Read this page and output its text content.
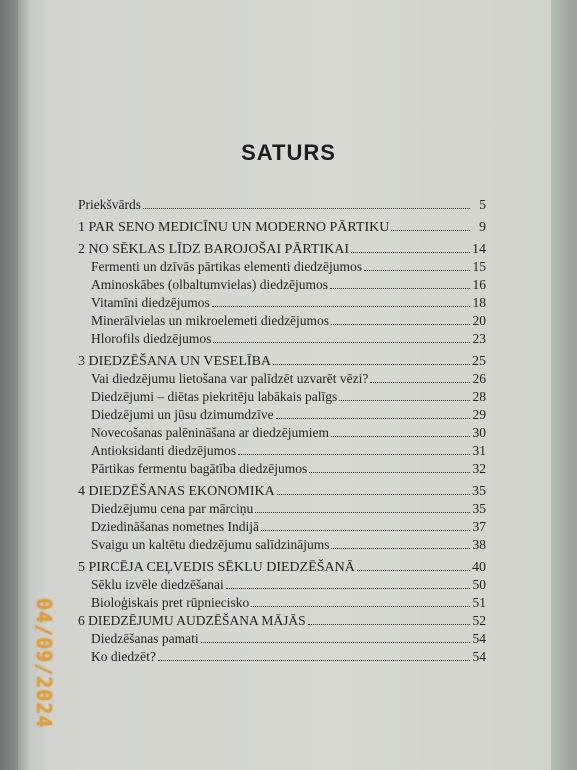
SATURS
Priekšvārds	5
1 PAR SENO MEDICĪNU UN MODERNO PĀRTIKU	9
2 NO SĒKLAS LĪDZ BAROJOŠAI PĀRTIKAI	14
Fermenti un dzīvās pārtikas elementi diedzējumos	15
Aminoskābes (olbaltumvielas) diedzējumos	16
Vitamīni diedzējumos	18
Minerālvielas un mikroelemeti diedzējumos	20
Hlorofils diedzējumos	23
3 DIEDZĒŠANA UN VESELĪBA	25
Vai diedzējumu lietošana var palīdzēt uzvarēt vēzi?	26
Diedzējumi – diētas piekritēju labākais palīgs	28
Diedzējumi un jūsu dzimumdzīve	29
Novecošanas palēnināšana ar diedzējumiem	30
Antioksidanti diedzējumos	31
Pārtikas fermentu bagātība diedzējumos	32
4 DIEDZĒŠANAS EKONOMIKA	35
Diedzējumu cena par mārciņu	35
Dziedināšanas nometnes Indijā	37
Svaigu un kaltētu diedzējumu salīdzinājums	38
5 PIRCĒJA CEĻVEDIS SĒKLU DIEDZĒŠANĀ	40
Sēklu izvēle diedzēšanai	50
Bioloģiskais pret rūpniecisko	51
6 DIEDZĒJUMU AUDZĒŠANA MĀJĀS	52
Diedzēšanas pamati	54
Ko diedzēt?	54
04/09/2024
